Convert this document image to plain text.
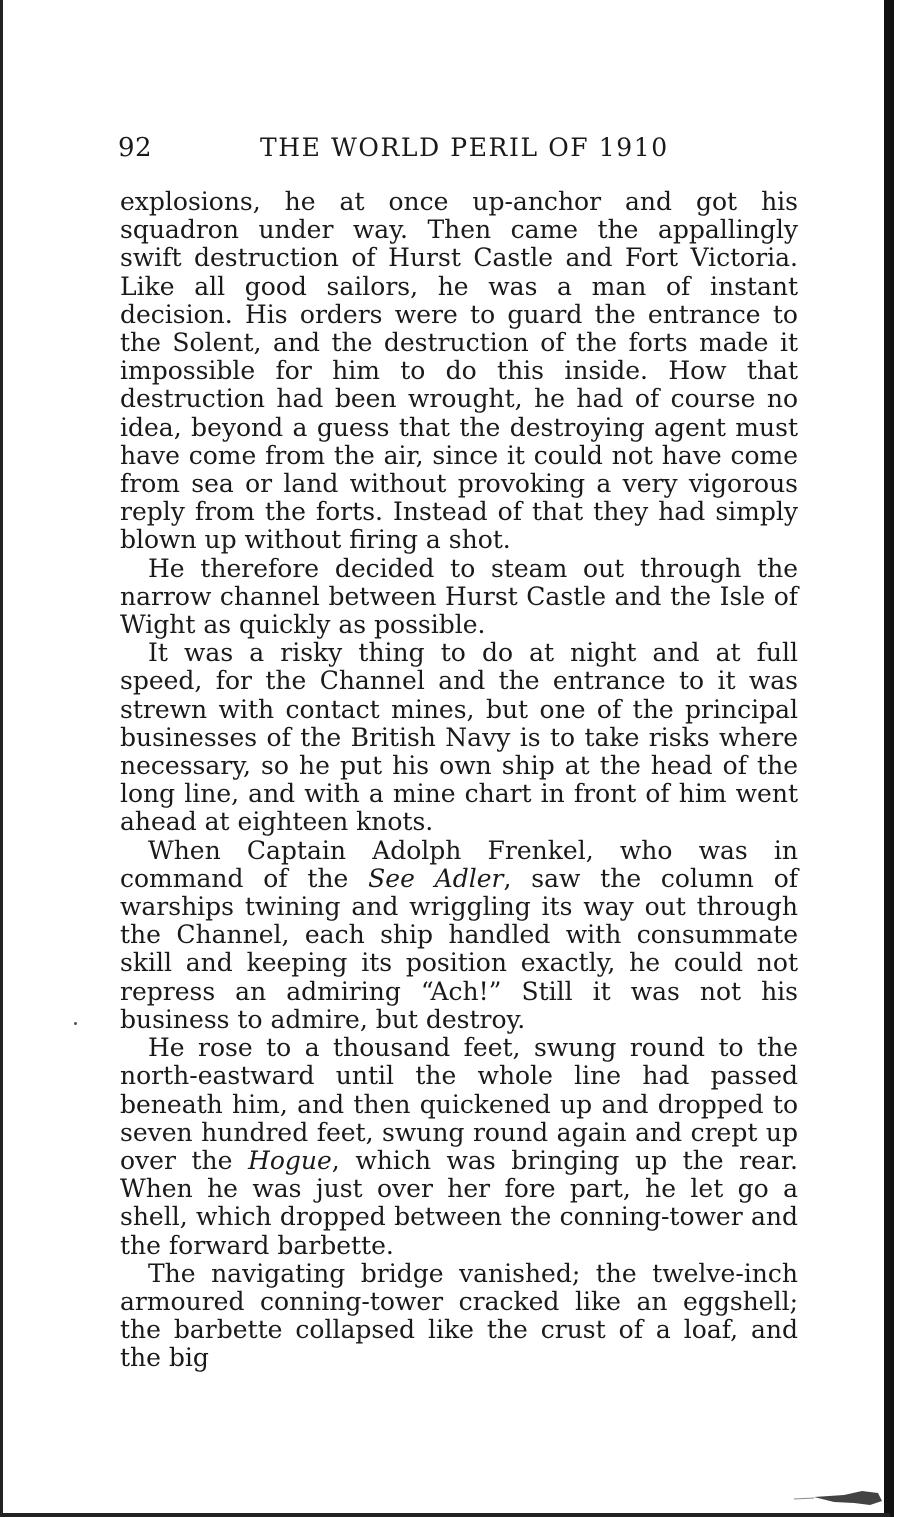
92	THE WORLD PERIL OF 1910

explosions, he at once up-anchor and got his squadron under way. Then came the appallingly swift destruction of Hurst Castle and Fort Victoria. Like all good sailors, he was a man of instant decision. His orders were to guard the entrance to the Solent, and the destruction of the forts made it impossible for him to do this inside. How that destruction had been wrought, he had of course no idea, beyond a guess that the destroying agent must have come from the air, since it could not have come from sea or land without provoking a very vigorous reply from the forts. Instead of that they had simply blown up without firing a shot.

He therefore decided to steam out through the narrow channel between Hurst Castle and the Isle of Wight as quickly as possible.

It was a risky thing to do at night and at full speed, for the Channel and the entrance to it was strewn with contact mines, but one of the principal businesses of the British Navy is to take risks where necessary, so he put his own ship at the head of the long line, and with a mine chart in front of him went ahead at eighteen knots.

When Captain Adolph Frenkel, who was in command of the See Adler, saw the column of warships twining and wriggling its way out through the Channel, each ship handled with consummate skill and keeping its position exactly, he could not repress an admiring “Ach!” Still it was not his business to admire, but destroy.

He rose to a thousand feet, swung round to the north-eastward until the whole line had passed beneath him, and then quickened up and dropped to seven hundred feet, swung round again and crept up over the Hogue, which was bringing up the rear. When he was just over her fore part, he let go a shell, which dropped between the conning-tower and the forward barbette.

The navigating bridge vanished; the twelve-inch armoured conning-tower cracked like an eggshell; the barbette collapsed like the crust of a loaf, and the big
